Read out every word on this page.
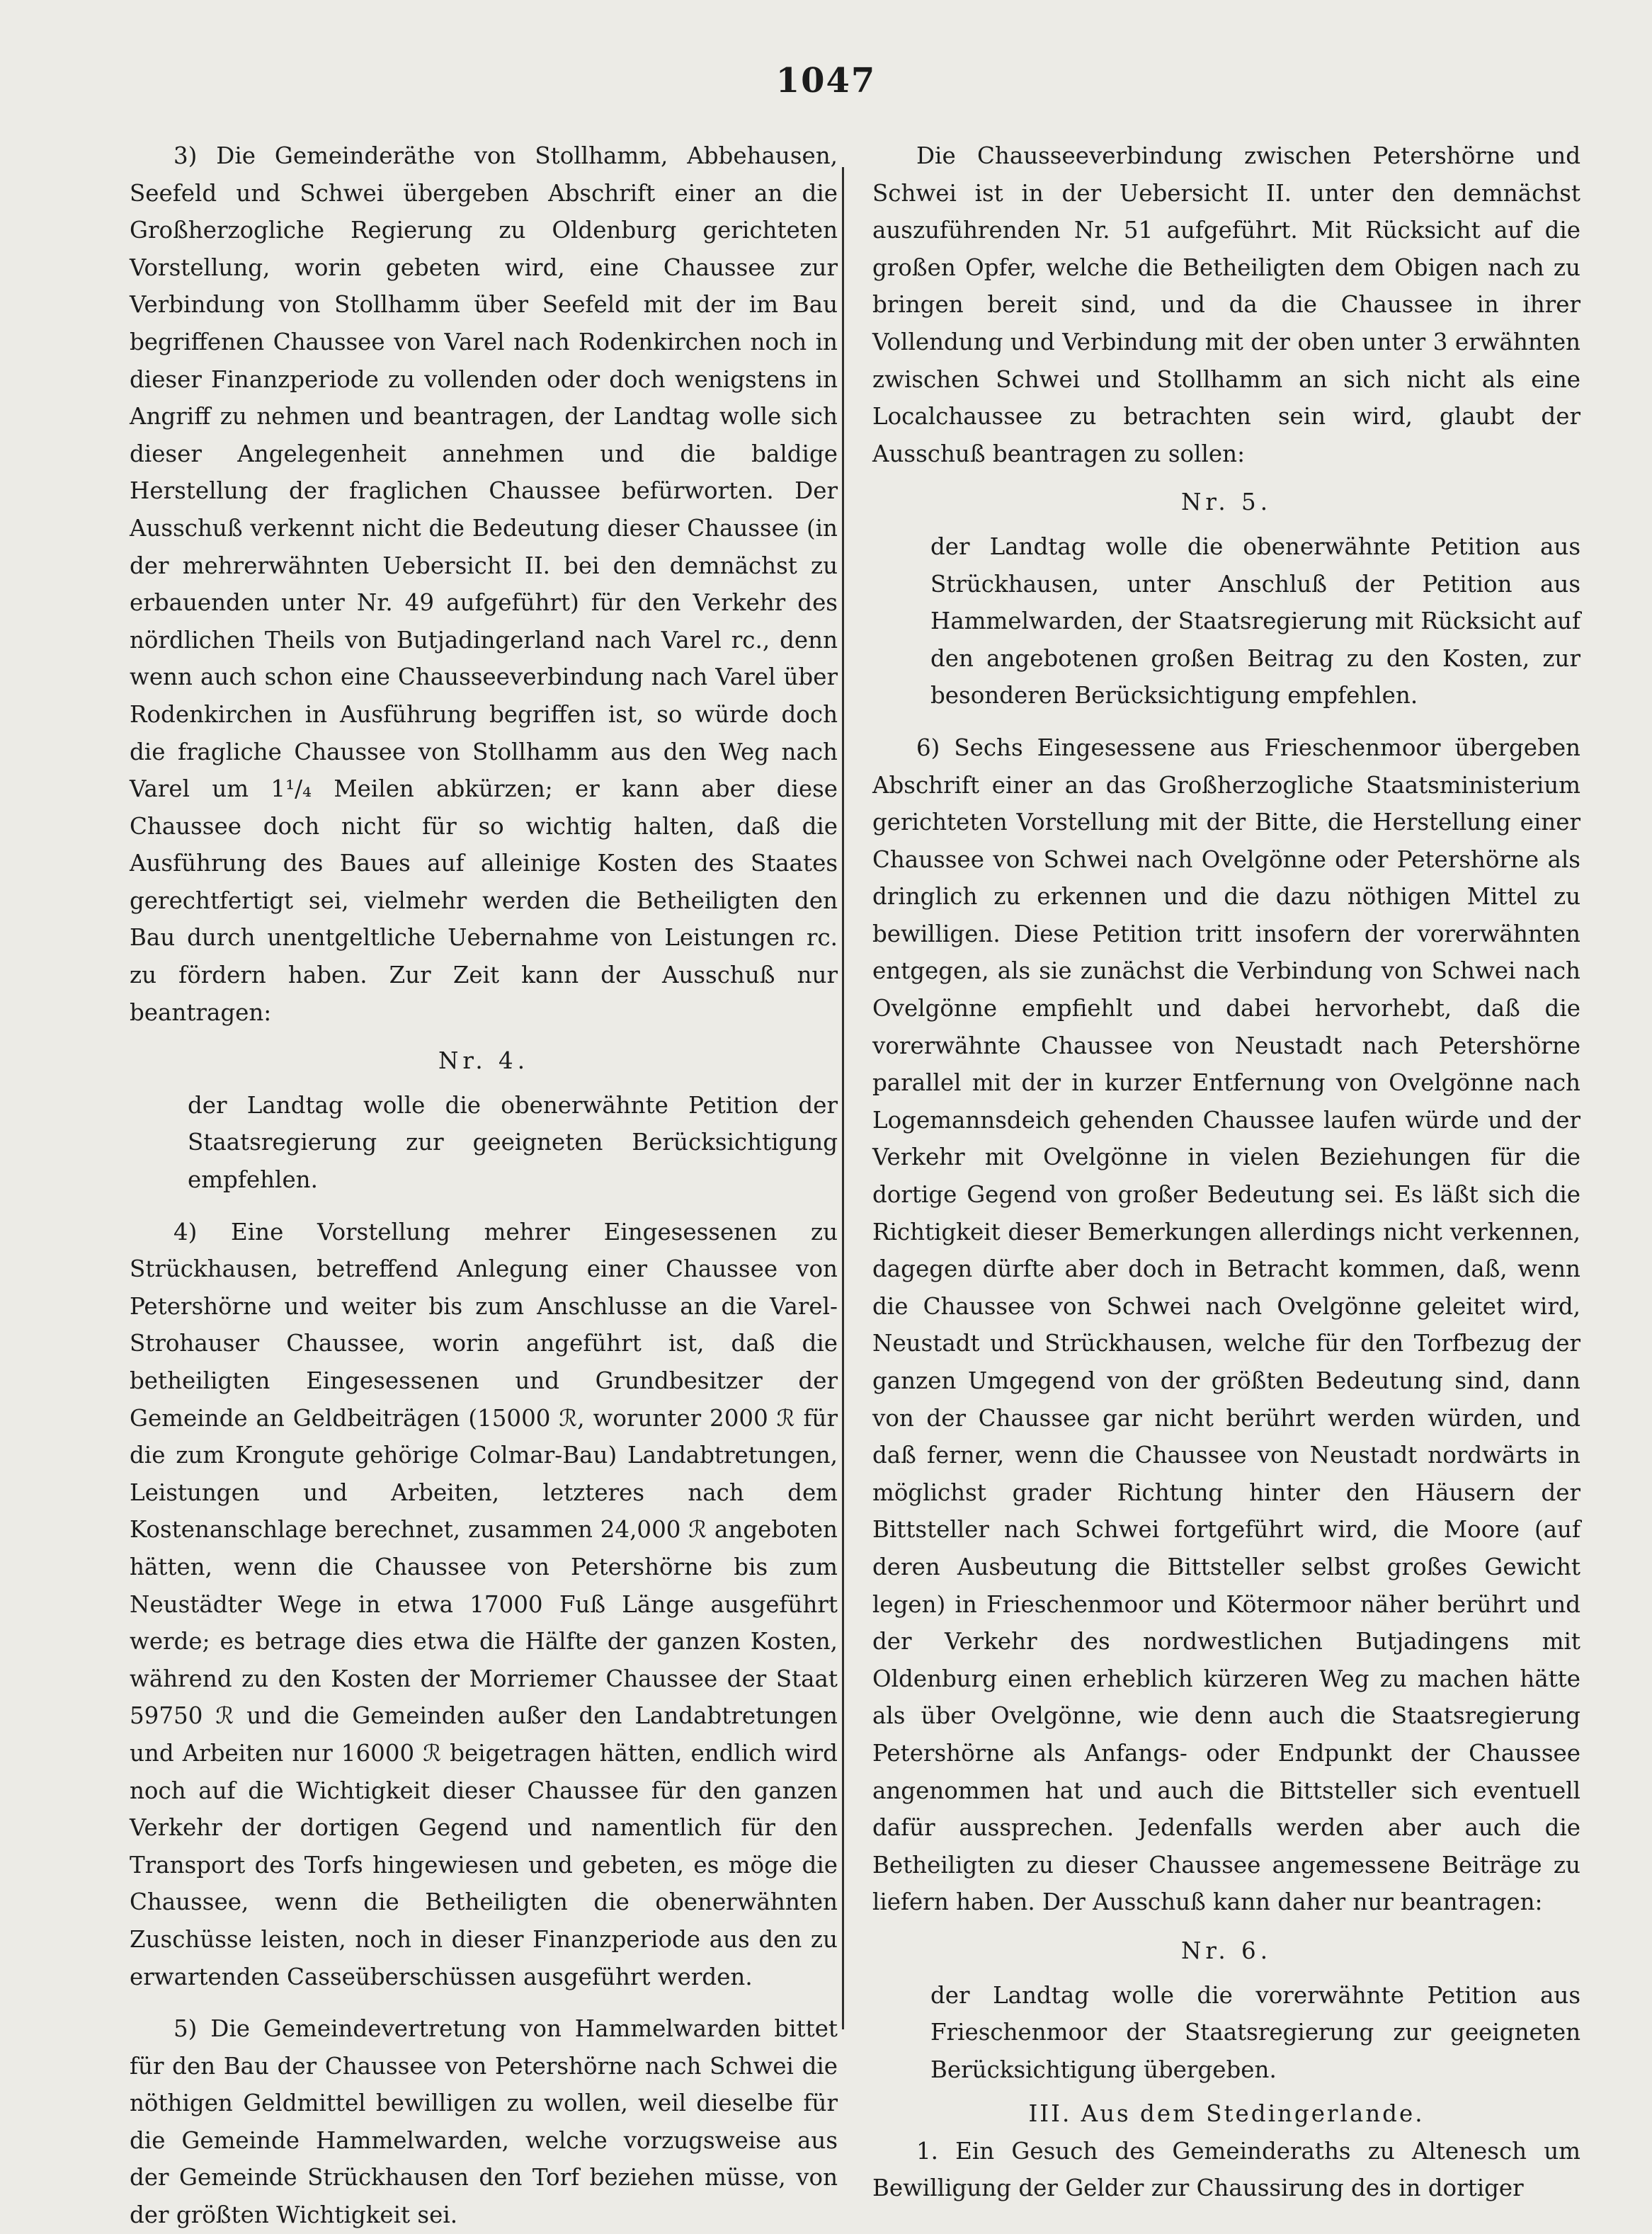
1047

3) Die Gemeinderäthe von Stollhamm, Abbehausen, Seefeld und Schwei übergeben Abschrift einer an die Großherzogliche Regierung zu Oldenburg gerichteten Vorstellung, worin gebeten wird, eine Chaussee zur Verbindung von Stollhamm über Seefeld mit der im Bau begriffenen Chaussee von Varel nach Rodenkirchen noch in dieser Finanzperiode zu vollenden oder doch wenigstens in Angriff zu nehmen und beantragen, der Landtag wolle sich dieser Angelegenheit annehmen und die baldige Herstellung der fraglichen Chaussee befürworten. Der Ausschuß verkennt nicht die Bedeutung dieser Chaussee (in der mehrerwähnten Uebersicht II. bei den demnächst zu erbauenden unter Nr. 49 aufgeführt) für den Verkehr des nördlichen Theils von Butjadingerland nach Varel rc., denn wenn auch schon eine Chausseeverbindung nach Varel über Rodenkirchen in Ausführung begriffen ist, so würde doch die fragliche Chaussee von Stollhamm aus den Weg nach Varel um 1¹/₄ Meilen abkürzen; er kann aber diese Chaussee doch nicht für so wichtig halten, daß die Ausführung des Baues auf alleinige Kosten des Staates gerechtfertigt sei, vielmehr werden die Betheiligten den Bau durch unentgeltliche Uebernahme von Leistungen rc. zu fördern haben. Zur Zeit kann der Ausschuß nur beantragen:

Nr. 4.

der Landtag wolle die obenerwähnte Petition der Staatsregierung zur geeigneten Berücksichtigung empfehlen.

4) Eine Vorstellung mehrer Eingesessenen zu Strückhausen, betreffend Anlegung einer Chaussee von Petershörne und weiter bis zum Anschlusse an die Varel-Strohauser Chaussee, worin angeführt ist, daß die betheiligten Eingesessenen und Grundbesitzer der Gemeinde an Geldbeiträgen (15000 ℛ, worunter 2000 ℛ für die zum Krongute gehörige Colmar-Bau) Landabtretungen, Leistungen und Arbeiten, letzteres nach dem Kostenanschlage berechnet, zusammen 24,000 ℛ angeboten hätten, wenn die Chaussee von Petershörne bis zum Neustädter Wege in etwa 17000 Fuß Länge ausgeführt werde; es betrage dies etwa die Hälfte der ganzen Kosten, während zu den Kosten der Morriemer Chaussee der Staat 59750 ℛ und die Gemeinden außer den Landabtretungen und Arbeiten nur 16000 ℛ beigetragen hätten, endlich wird noch auf die Wichtigkeit dieser Chaussee für den ganzen Verkehr der dortigen Gegend und namentlich für den Transport des Torfs hingewiesen und gebeten, es möge die Chaussee, wenn die Betheiligten die obenerwähnten Zuschüsse leisten, noch in dieser Finanzperiode aus den zu erwartenden Casseüberschüssen ausgeführt werden.

5) Die Gemeindevertretung von Hammelwarden bittet für den Bau der Chaussee von Petershörne nach Schwei die nöthigen Geldmittel bewilligen zu wollen, weil dieselbe für die Gemeinde Hammelwarden, welche vorzugsweise aus der Gemeinde Strückhausen den Torf beziehen müsse, von der größten Wichtigkeit sei.

Die Chausseeverbindung zwischen Petershörne und Schwei ist in der Uebersicht II. unter den demnächst auszuführenden Nr. 51 aufgeführt. Mit Rücksicht auf die großen Opfer, welche die Betheiligten dem Obigen nach zu bringen bereit sind, und da die Chaussee in ihrer Vollendung und Verbindung mit der oben unter 3 erwähnten zwischen Schwei und Stollhamm an sich nicht als eine Localchaussee zu betrachten sein wird, glaubt der Ausschuß beantragen zu sollen:

Nr. 5.

der Landtag wolle die obenerwähnte Petition aus Strückhausen, unter Anschluß der Petition aus Hammelwarden, der Staatsregierung mit Rücksicht auf den angebotenen großen Beitrag zu den Kosten, zur besonderen Berücksichtigung empfehlen.

6) Sechs Eingesessene aus Frieschenmoor übergeben Abschrift einer an das Großherzogliche Staatsministerium gerichteten Vorstellung mit der Bitte, die Herstellung einer Chaussee von Schwei nach Ovelgönne oder Petershörne als dringlich zu erkennen und die dazu nöthigen Mittel zu bewilligen. Diese Petition tritt insofern der vorerwähnten entgegen, als sie zunächst die Verbindung von Schwei nach Ovelgönne empfiehlt und dabei hervorhebt, daß die vorerwähnte Chaussee von Neustadt nach Petershörne parallel mit der in kurzer Entfernung von Ovelgönne nach Logemannsdeich gehenden Chaussee laufen würde und der Verkehr mit Ovelgönne in vielen Beziehungen für die dortige Gegend von großer Bedeutung sei. Es läßt sich die Richtigkeit dieser Bemerkungen allerdings nicht verkennen, dagegen dürfte aber doch in Betracht kommen, daß, wenn die Chaussee von Schwei nach Ovelgönne geleitet wird, Neustadt und Strückhausen, welche für den Torfbezug der ganzen Umgegend von der größten Bedeutung sind, dann von der Chaussee gar nicht berührt werden würden, und daß ferner, wenn die Chaussee von Neustadt nordwärts in möglichst grader Richtung hinter den Häusern der Bittsteller nach Schwei fortgeführt wird, die Moore (auf deren Ausbeutung die Bittsteller selbst großes Gewicht legen) in Frieschenmoor und Kötermoor näher berührt und der Verkehr des nordwestlichen Butjadingens mit Oldenburg einen erheblich kürzeren Weg zu machen hätte als über Ovelgönne, wie denn auch die Staatsregierung Petershörne als Anfangs- oder Endpunkt der Chaussee angenommen hat und auch die Bittsteller sich eventuell dafür aussprechen. Jedenfalls werden aber auch die Betheiligten zu dieser Chaussee angemessene Beiträge zu liefern haben. Der Ausschuß kann daher nur beantragen:

Nr. 6.

der Landtag wolle die vorerwähnte Petition aus Frieschenmoor der Staatsregierung zur geeigneten Berücksichtigung übergeben.

III. Aus dem Stedingerlande.

1. Ein Gesuch des Gemeinderaths zu Altenesch um Bewilligung der Gelder zur Chaussirung des in dortiger
